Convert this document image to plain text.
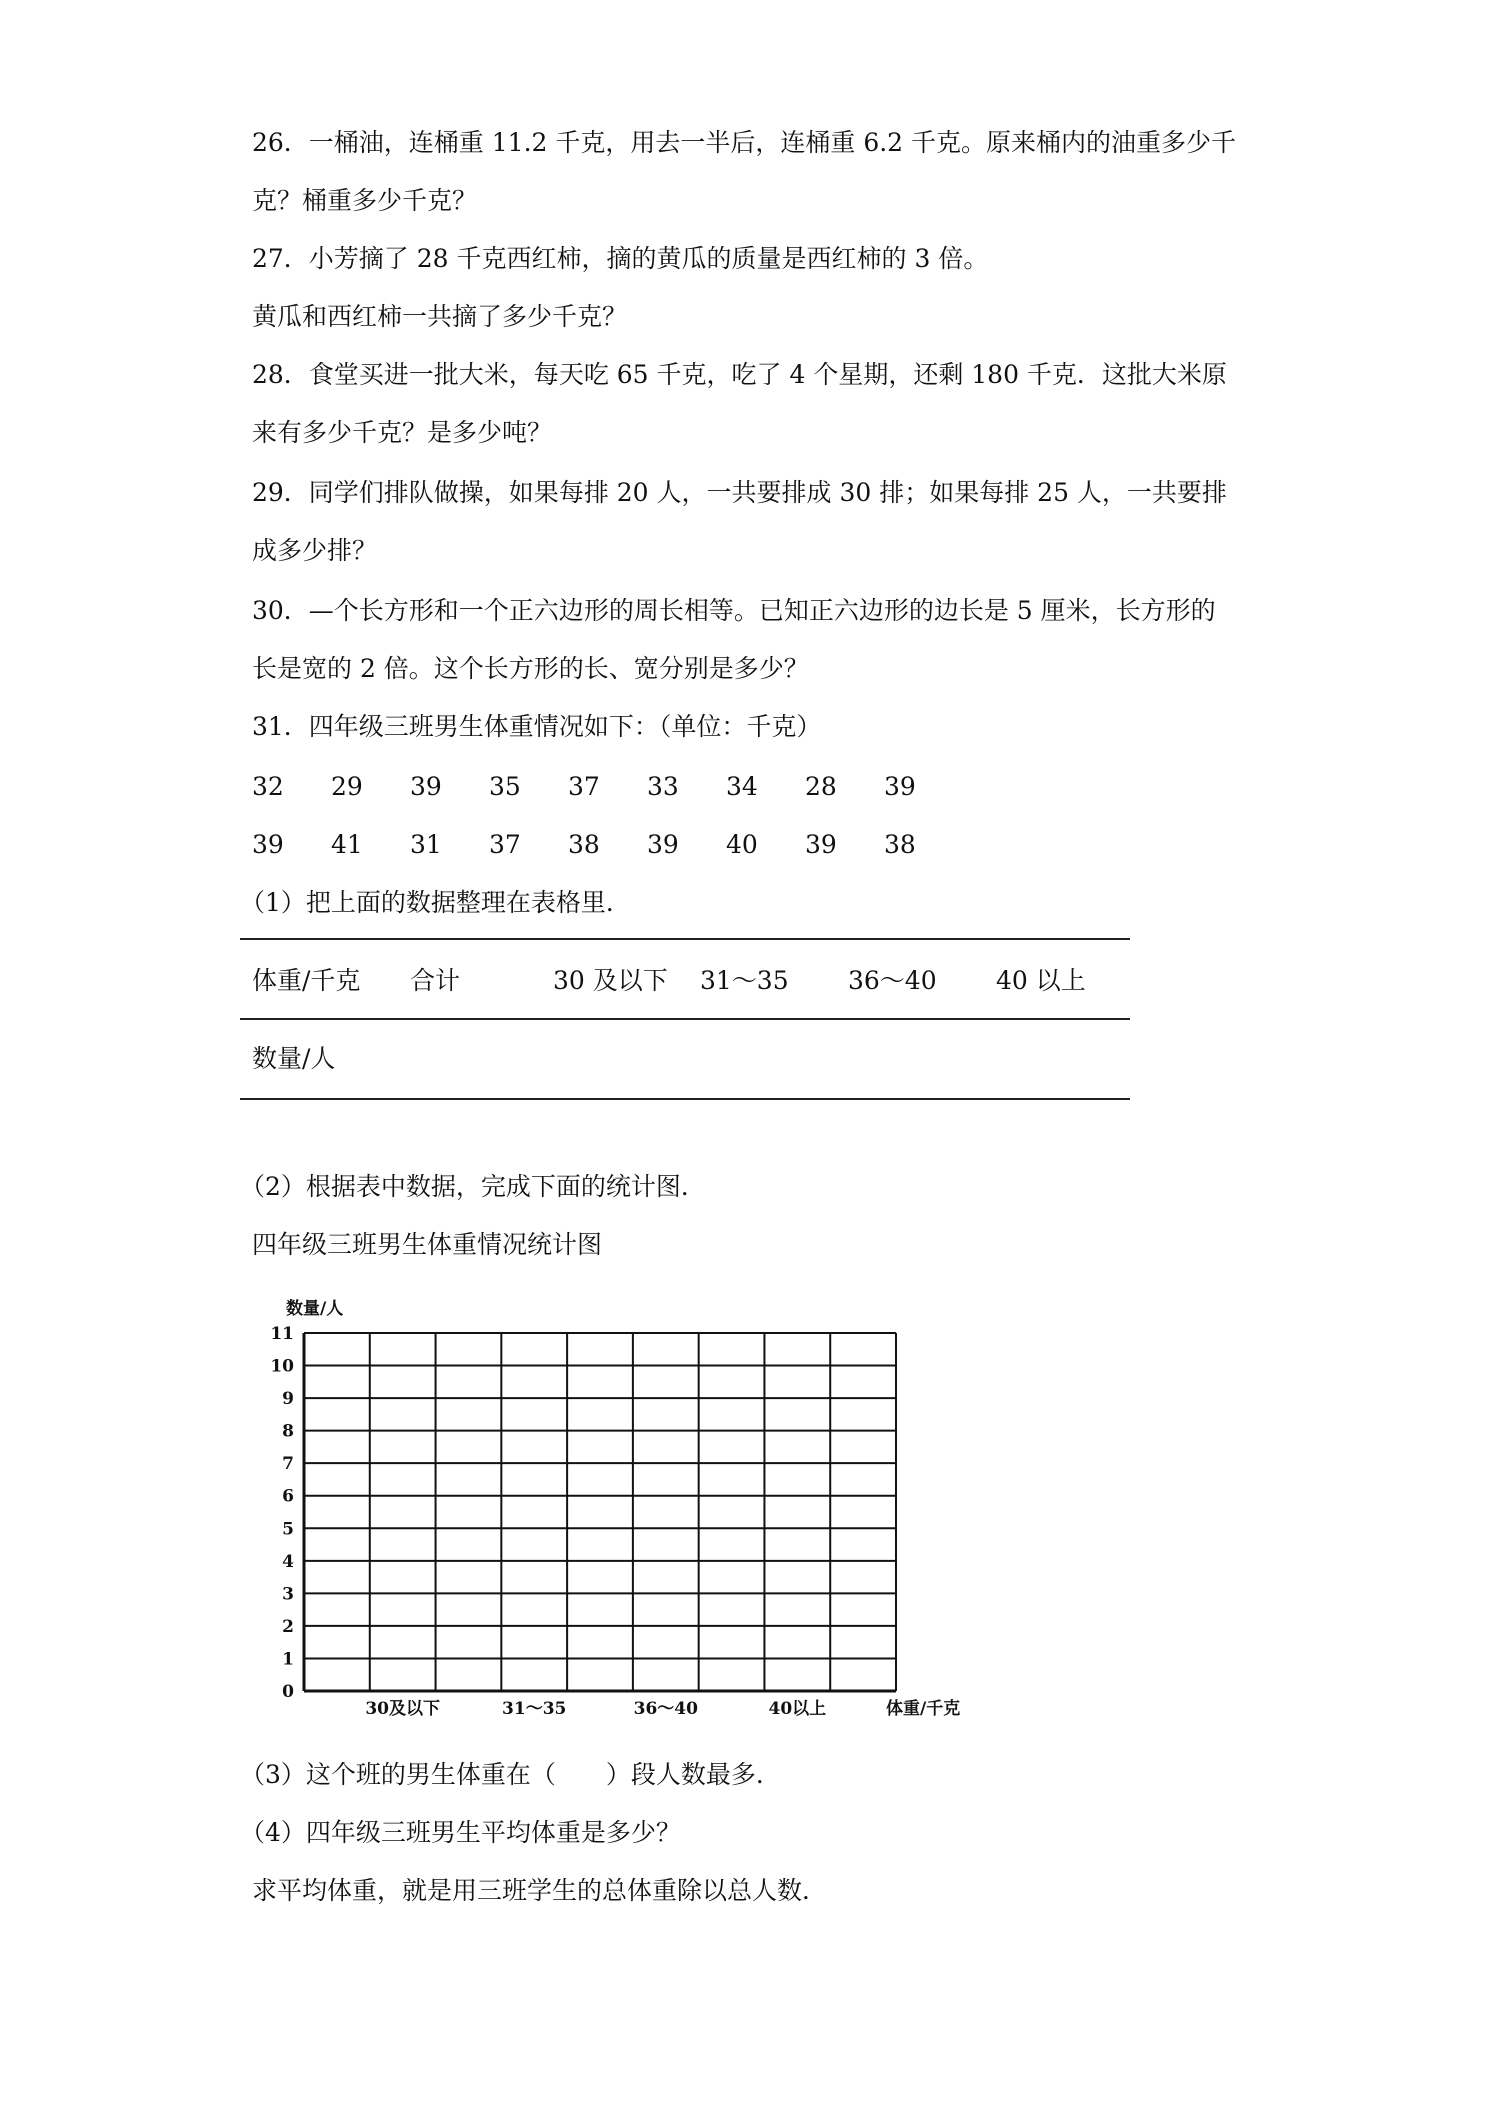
26．一桶油，连桶重 11.2 千克，用去一半后，连桶重 6.2 千克。原来桶内的油重多少千
克？桶重多少千克？
27．小芳摘了 28 千克西红柿，摘的黄瓜的质量是西红柿的 3 倍。
黄瓜和西红柿一共摘了多少千克？
28．食堂买进一批大米，每天吃 65 千克，吃了 4 个星期，还剩 180 千克．这批大米原
来有多少千克？是多少吨？
29．同学们排队做操，如果每排 20 人，一共要排成 30 排；如果每排 25 人，一共要排
成多少排？
30．—个长方形和一个正六边形的周长相等。已知正六边形的边长是 5 厘米，长方形的
长是宽的 2 倍。这个长方形的长、宽分别是多少？
31．四年级三班男生体重情况如下：（单位：千克）
32 29 39 35 37 33 34 28 39
39 41 31 37 38 39 40 39 38
（1）把上面的数据整理在表格里．
体重/千克 合计	30 及以下 31～35 36～40 40 以上
数量/人
（2）根据表中数据，完成下面的统计图．
四年级三班男生体重情况统计图
数量/人
0
1
2
3
4
5
6
7
8
9
10
11
30及以下	31～35	36～40	40以上	体重/千克
（3）这个班的男生体重在（　　）段人数最多．
（4）四年级三班男生平均体重是多少？
求平均体重，就是用三班学生的总体重除以总人数．
